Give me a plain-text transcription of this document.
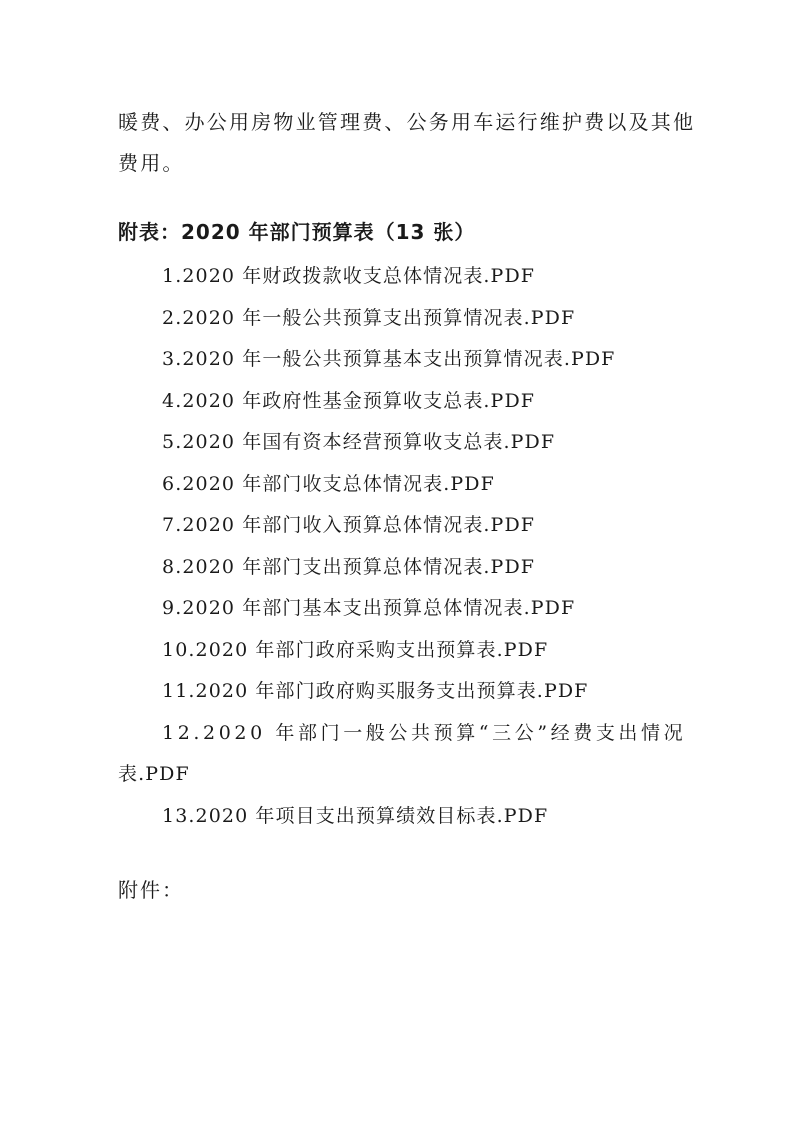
暖费、办公用房物业管理费、公务用车运行维护费以及其他
费用。
附表：2020 年部门预算表（13 张）
1.2020 年财政拨款收支总体情况表.PDF
2.2020 年一般公共预算支出预算情况表.PDF
3.2020 年一般公共预算基本支出预算情况表.PDF
4.2020 年政府性基金预算收支总表.PDF
5.2020 年国有资本经营预算收支总表.PDF
6.2020 年部门收支总体情况表.PDF
7.2020 年部门收入预算总体情况表.PDF
8.2020 年部门支出预算总体情况表.PDF
9.2020 年部门基本支出预算总体情况表.PDF
10.2020 年部门政府采购支出预算表.PDF
11.2020 年部门政府购买服务支出预算表.PDF
12.2020 年部门一般公共预算“三公”经费支出情况
表.PDF
13.2020 年项目支出预算绩效目标表.PDF
附件：
